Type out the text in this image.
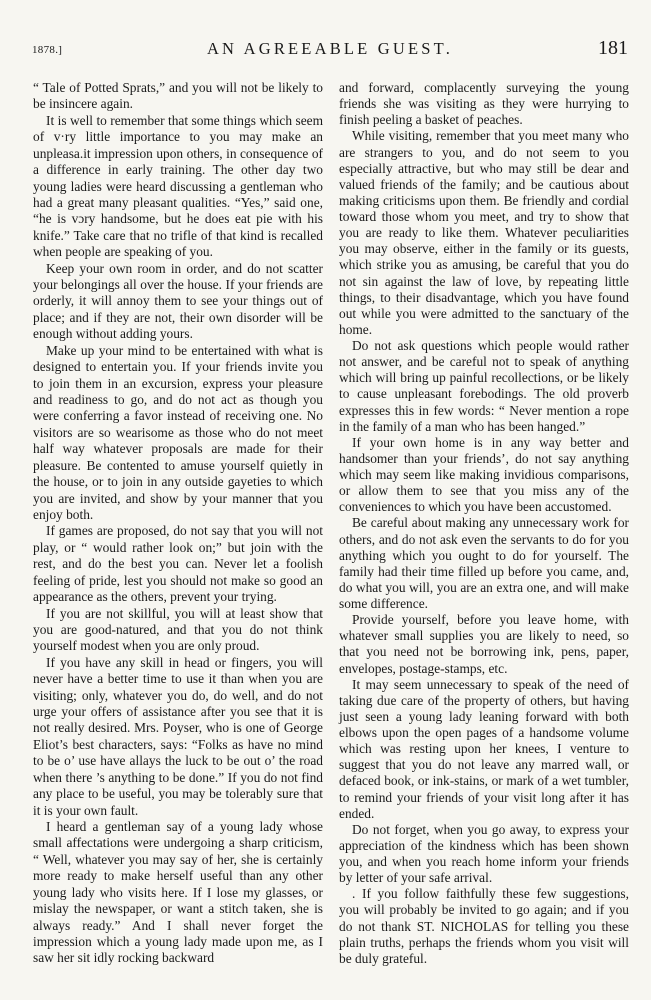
1878.]	AN AGREEABLE GUEST.	181

“ Tale of Potted Sprats,” and you will not be likely to be insincere again.

It is well to remember that some things which seem of v·ry little importance to you may make an unpleasa.it impression upon others, in consequence of a difference in early training. The other day two young ladies were heard discussing a gentleman who had a great many pleasant qualities. “Yes,” said one, “he is vɔry handsome, but he does eat pie with his knife.” Take care that no trifle of that kind is recalled when people are speaking of you.

Keep your own room in order, and do not scatter your belongings all over the house. If your friends are orderly, it will annoy them to see your things out of place; and if they are not, their own disorder will be enough without adding yours.

Make up your mind to be entertained with what is designed to entertain you. If your friends invite you to join them in an excursion, express your pleasure and readiness to go, and do not act as though you were conferring a favor instead of receiving one. No visitors are so wearisome as those who do not meet half way whatever proposals are made for their pleasure. Be contented to amuse yourself quietly in the house, or to join in any outside gayeties to which you are invited, and show by your manner that you enjoy both.

If games are proposed, do not say that you will not play, or “ would rather look on;” but join with the rest, and do the best you can. Never let a foolish feeling of pride, lest you should not make so good an appearance as the others, prevent your trying.

If you are not skillful, you will at least show that you are good-natured, and that you do not think yourself modest when you are only proud.

If you have any skill in head or fingers, you will never have a better time to use it than when you are visiting; only, whatever you do, do well, and do not urge your offers of assistance after you see that it is not really desired. Mrs. Poyser, who is one of George Eliot’s best characters, says: “Folks as have no mind to be o’ use have allays the luck to be out o’ the road when there ’s anything to be done.” If you do not find any place to be useful, you may be tolerably sure that it is your own fault.

I heard a gentleman say of a young lady whose small affectations were undergoing a sharp criticism, “ Well, whatever you may say of her, she is certainly more ready to make herself useful than any other young lady who visits here. If I lose my glasses, or mislay the newspaper, or want a stitch taken, she is always ready.” And I shall never forget the impression which a young lady made upon me, as I saw her sit idly rocking backward

and forward, complacently surveying the young friends she was visiting as they were hurrying to finish peeling a basket of peaches.

While visiting, remember that you meet many who are strangers to you, and do not seem to you especially attractive, but who may still be dear and valued friends of the family; and be cautious about making criticisms upon them. Be friendly and cordial toward those whom you meet, and try to show that you are ready to like them. Whatever peculiarities you may observe, either in the family or its guests, which strike you as amusing, be careful that you do not sin against the law of love, by repeating little things, to their disadvantage, which you have found out while you were admitted to the sanctuary of the home.

Do not ask questions which people would rather not answer, and be careful not to speak of anything which will bring up painful recollections, or be likely to cause unpleasant forebodings. The old proverb expresses this in few words: “ Never mention a rope in the family of a man who has been hanged.”

If your own home is in any way better and handsomer than your friends’, do not say anything which may seem like making invidious comparisons, or allow them to see that you miss any of the conveniences to which you have been accustomed.

Be careful about making any unnecessary work for others, and do not ask even the servants to do for you anything which you ought to do for yourself. The family had their time filled up before you came, and, do what you will, you are an extra one, and will make some difference.

Provide yourself, before you leave home, with whatever small supplies you are likely to need, so that you need not be borrowing ink, pens, paper, envelopes, postage-stamps, etc.

It may seem unnecessary to speak of the need of taking due care of the property of others, but having just seen a young lady leaning forward with both elbows upon the open pages of a handsome volume which was resting upon her knees, I venture to suggest that you do not leave any marred wall, or defaced book, or ink-stains, or mark of a wet tumbler, to remind your friends of your visit long after it has ended.

Do not forget, when you go away, to express your appreciation of the kindness which has been shown you, and when you reach home inform your friends by letter of your safe arrival.

. If you follow faithfully these few suggestions, you will probably be invited to go again; and if you do not thank ST. NICHOLAS for telling you these plain truths, perhaps the friends whom you visit will be duly grateful.
